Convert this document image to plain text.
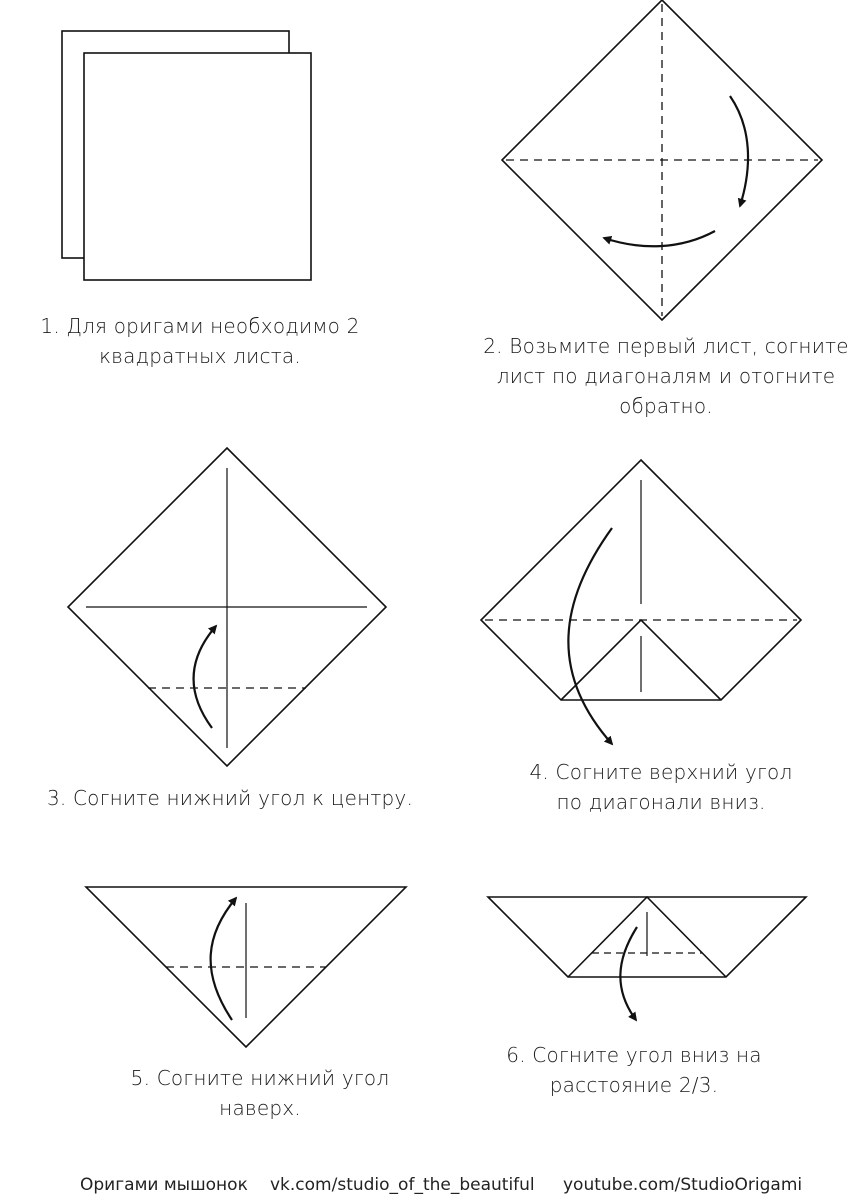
1. Для оригами необходимо 2
квадратных листа.	2. Возьмите первый лист, согните
лист по диагоналям и отогните
обратно.
3. Согните нижний угол к центру.
4. Согните верхний угол
по диагонали вниз.
5. Согните нижний угол
наверх.
6. Согните угол вниз на
расстояние 2/3.
Оригами мышонок vk.com/studio_of_the_beautiful youtube.com/StudioOrigami
